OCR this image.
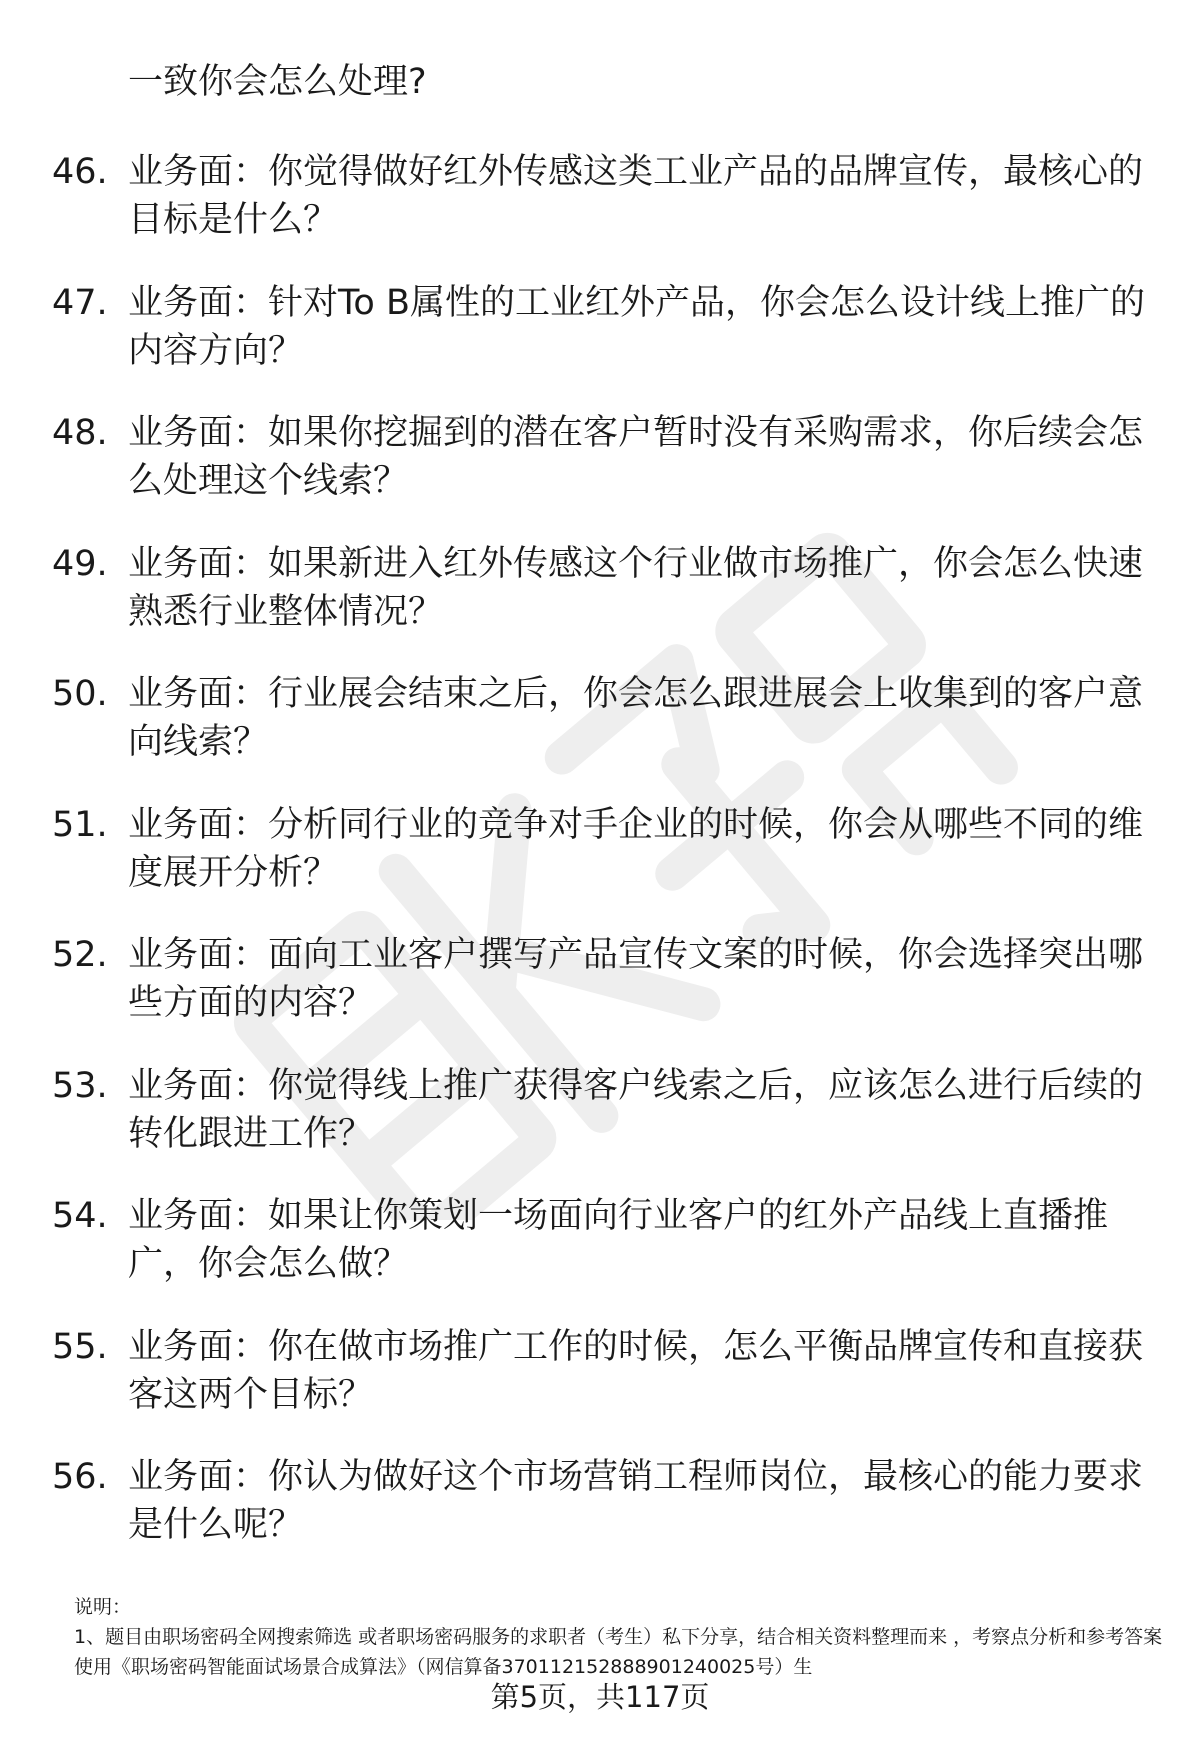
一致你会怎么处理?
46. 业务面：你觉得做好红外传感这类工业产品的品牌宣传，最核心的目标是什么？
47. 业务面：针对To B属性的工业红外产品，你会怎么设计线上推广的内容方向？
48. 业务面：如果你挖掘到的潜在客户暂时没有采购需求，你后续会怎么处理这个线索？
49. 业务面：如果新进入红外传感这个行业做市场推广，你会怎么快速熟悉行业整体情况？
50. 业务面：行业展会结束之后，你会怎么跟进展会上收集到的客户意向线索？
51. 业务面：分析同行业的竞争对手企业的时候，你会从哪些不同的维度展开分析？
52. 业务面：面向工业客户撰写产品宣传文案的时候，你会选择突出哪些方面的内容？
53. 业务面：你觉得线上推广获得客户线索之后，应该怎么进行后续的转化跟进工作？
54. 业务面：如果让你策划一场面向行业客户的红外产品线上直播推广，你会怎么做？
55. 业务面：你在做市场推广工作的时候，怎么平衡品牌宣传和直接获客这两个目标？
56. 业务面：你认为做好这个市场营销工程师岗位，最核心的能力要求是什么呢？
说明：
1、题目由职场密码全网搜索筛选 或者职场密码服务的求职者（考生）私下分享，结合相关资料整理而来 ，考察点分析和参考答案使用《职场密码智能面试场景合成算法》（网信算备370112152888901240025号）生
第5页，共117页
